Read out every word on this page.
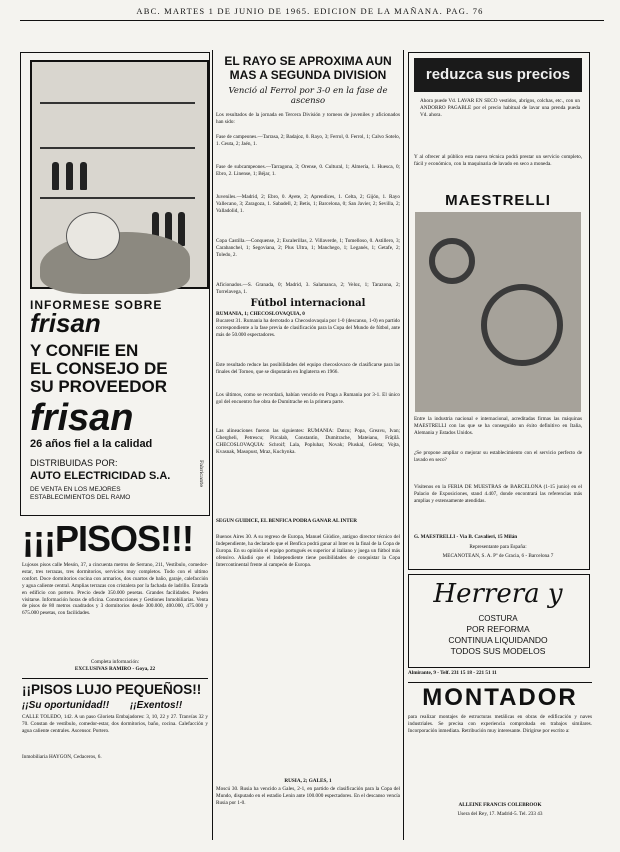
ABC. MARTES 1 DE JUNIO DE 1965. EDICION DE LA MAÑANA. PAG. 76
INFORMESE SOBRE
frisan
Y CONFIE EN
EL CONSEJO DE
SU PROVEEDOR
frisan
26 años fiel a la calidad
DISTRIBUIDAS POR:
AUTO ELECTRICIDAD S.A.
DE VENTA EN LOS MEJORES
ESTABLECIMIENTOS DEL RAMO
Fabricante
¡¡¡PISOS!!!
Lujosos pisos calle Mesón, 37, a cincuenta metros de Serrano, 211, Vestíbulo, comedor-estar, tres terrazas, tres dormitorios, servicios muy completos. Todo con el ultimo confort. Doce dormitorios cocina con armarios, dos cuartos de baño, garaje, calefacción y agua caliente central. Amplias terrazas con cristalera por la fachada de ladrillo. Entrada en edificio con portero. Precio desde 350.000 pesetas. Grandes facilidades. Pueden visitarse. Información horas de oficina. Construcciones y Gestiones Inmobiliarias. Venta de pisos de 80 metros cuadrados y 3 dormitorios desde 300.000, 400.000, 475.000 y 675.000 pesetas, con facilidades.
Completa información:
EXCLUSIVAS RAMIRO - Goya, 22
¡¡PISOS LUJO PEQUEÑOS!!
¡¡Su oportunidad!!	¡¡Exentos!!
CALLE TOLEDO, 142. A un paso Glorieta Embajadores: 3, 10, 22 y 27. Tranvías 32 y 70. Constan de vestíbulo, comedor-estar, dos dormitorios, baño, cocina. Calefacción y agua caliente centrales. Ascensor. Portero.
Inmobiliaria HAYGON, Cedaceros, 6.
EL RAYO SE APROXIMA AUN
MAS A SEGUNDA DIVISION
Venció al Ferrol por 3-0 en la fase de ascenso
Los resultados de la jornada en Tercera División y torneos de juveniles y aficionados han sido:
Fase de campeones.—Tarrasa, 2; Badajoz, 0. Rayo, 3; Ferrol, 0. Ferrol, 1; Calvo Sotelo, 1. Ceuta, 2; Jaén, 1.
Fase de subcampeones.—Tarragona, 3; Orense, 0. Cultural, 1; Almería, 1. Huesca, 0; Ebro, 2. Linense, 1; Béjar, 1.
Juveniles.—Madrid, 2; Ebro, 0. Ayete, 2; Aprendices, 1. Celta, 2; Gijón, 1. Rayo Vallecano, 3; Zaragoza, 1. Sabadell, 2; Betis, 1; Barcelona, 0; San Javier, 2; Sevilla, 2; Valladolid, 1.
Copa Castilla.—Conquense, 2; Escalerillas, 2. Villaverde, 1; Tomelloso, 0. Astillero, 3; Carabanchel, 1; Segoviana, 2; Plus Ultra, 1; Manchego, 1; Leganés, 1; Getafe, 2; Toledo, 2.
Aficionados.—S. Granada, 0; Madrid, 3. Salamanca, 2; Veloz, 1; Tarazona, 2; Torrelavega, 1.
Fútbol internacional
RUMANIA, 1; CHECOSLOVAQUIA, 0
Bucarest 31. Rumania ha derrotado a Checoslovaquia por 1-0 (descanso, 1-0) en partido correspondiente a la fase previa de clasificación para la Copa del Mundo de fútbol, ante más de 50.000 espectadores.
Este resultado reduce las posibilidades del equipo checoslovaco de clasificarse para las finales del Torneo, que se disputarán en Inglaterra en 1966.
Los últimos, como se recordará, habían vencido en Praga a Rumania por 3-1. El único gol del encuentro fue obra de Dumitrache en la primera parte.
Las alineaciones fueron las siguientes: RUMANIA: Datcu; Popa, Greavu, Ivan; Ghergheli, Petrescu; Pircalab, Constantin, Dumitrache, Mateianu, Frățilă. CHECOSLOVAQUIA: Schroif; Lala, Popluhar, Novak; Pluskal, Geleta; Vojta, Kvasnak, Masopust, Mraz, Kuchynka.
SEGUN GUIDICE, EL BENFICA PODRA GANAR AL INTER
Buenos Aires 30. A su regreso de Europa, Manuel Giúdice, antiguo director técnico del Independiente, ha declarado que el Benfica podrá ganar al Inter en la final de la Copa de Europa. En su opinión el equipo portugués es superior al italiano y juega un fútbol más ofensivo. Añadió que el Independiente tiene posibilidades de conquistar la Copa Intercontinental frente al campeón de Europa.
RUSIA, 2; GALES, 1
Moscú 30. Rusia ha vencido a Gales, 2-1, en partido de clasificación para la Copa del Mundo, disputado en el estadio Lenin ante 100.000 espectadores. En el descanso vencía Rusia por 1-0.
reduzca sus precios
Ahora puede Vd. LAVAR EN SECO vestidos, abrigos, colchas, etc., con un ANDORRO PAGABLE por el precio habitual de lavar una prenda pueda Vd. ahora.
Y al ofrecer al público esta nueva técnica podrá prestar un servicio completo, fácil y económico, con la maquinaria de lavado en seco a moneda.
MAESTRELLI
Entre la industria nacional e internacional, acreditadas firmas las máquinas MAESTRELLI con las que se ha conseguido un éxito definitivo en Italia, Alemania y Estados Unidos.
¿Se propone ampliar o mejorar su establecimiento con el servicio perfecto de lavado en seco?
Visítenos en la FERIA DE MUESTRAS de BARCELONA (1-15 junio) en el Palacio de Exposiciones, stand 4.407, donde encontrará las referencias más amplias y extensamente atendidas.
G. MAESTRELLI - Via B. Cavalieri, 15 Milán
Representante para España:
MECANOTEAN, S. A. Pº de Gracia, 6 - Barcelona 7
Herrera y
COSTURA
POR REFORMA
CONTINUA LIQUIDANDO
TODOS SUS MODELOS
Almirante, 9 - Telf. 231 15 18 - 221 51 11
MONTADOR
para realizar montajes de estructuras metálicas en obras de edificación y naves industriales. Se precisa con experiencia comprobada en trabajos similares. Incorporación inmediata. Retribución muy interesante. Dirigirse por escrito a:
ALLEINE FRANCIS COLEBROOK
Usera del Rey, 17. Madrid-5. Tel. 233 43
